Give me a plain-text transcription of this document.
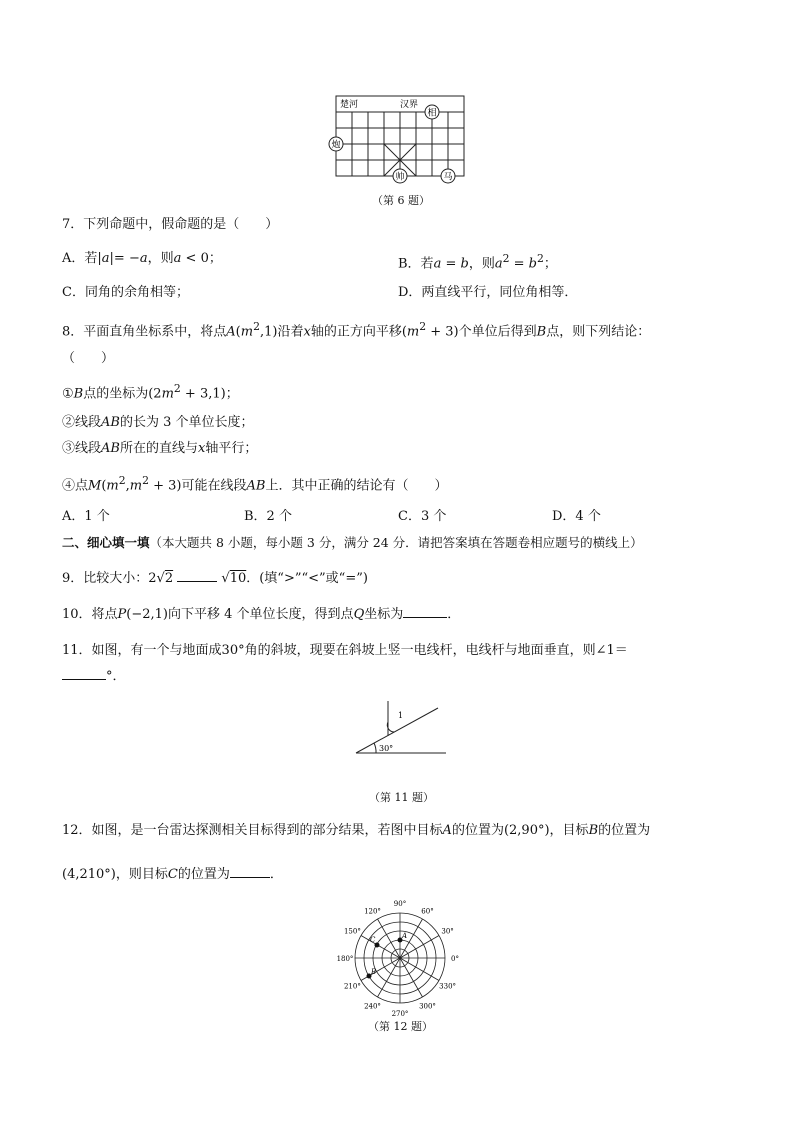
楚河	汉界
相
炮
帅	马
（第 6 题）
7．下列命题中，假命题的是（　　）
A．若|a|= −a，则a < 0；	B．若a = b，则$a^2 = b^2$；
C．同角的余角相等；	D．两直线平行，同位角相等．
8．平面直角坐标系中，将点$A(m^2,1)$沿着x轴的正方向平移$(m^2 + 3)$个单位后得到B点，则下列结论：
（　　）
①B点的坐标为$(2m^2 + 3,1)$；
②线段AB的长为 3 个单位长度；
③线段AB所在的直线与x轴平行；
④点$M(m^2,m^2 + 3)$可能在线段AB上．其中正确的结论有（　　）
A．1 个	B．2 个	C．3 个	D．4 个
二、细心填一填（本大题共 8 小题，每小题 3 分，满分 24 分．请把答案填在答题卷相应题号的横线上）
9．比较大小：2√2	√10．(填“>”“<”或“=”)
10．将点P(−2,1)向下平移 4 个单位长度，得到点Q坐标为	．
11．如图，有一个与地面成30°角的斜坡，现要在斜坡上竖一电线杆，电线杆与地面垂直，则∠1＝
°．
1
30°
（第 11 题）
12．如图，是一台雷达探测相关目标得到的部分结果，若图中目标A的位置为(2,90°)，目标B的位置为
(4,210°)，则目标C的位置为	．
90°
60°
30°
0°
330°
300°
270°
240°
210°
180°
150°
120°
A
C
B
（第 12 题）
